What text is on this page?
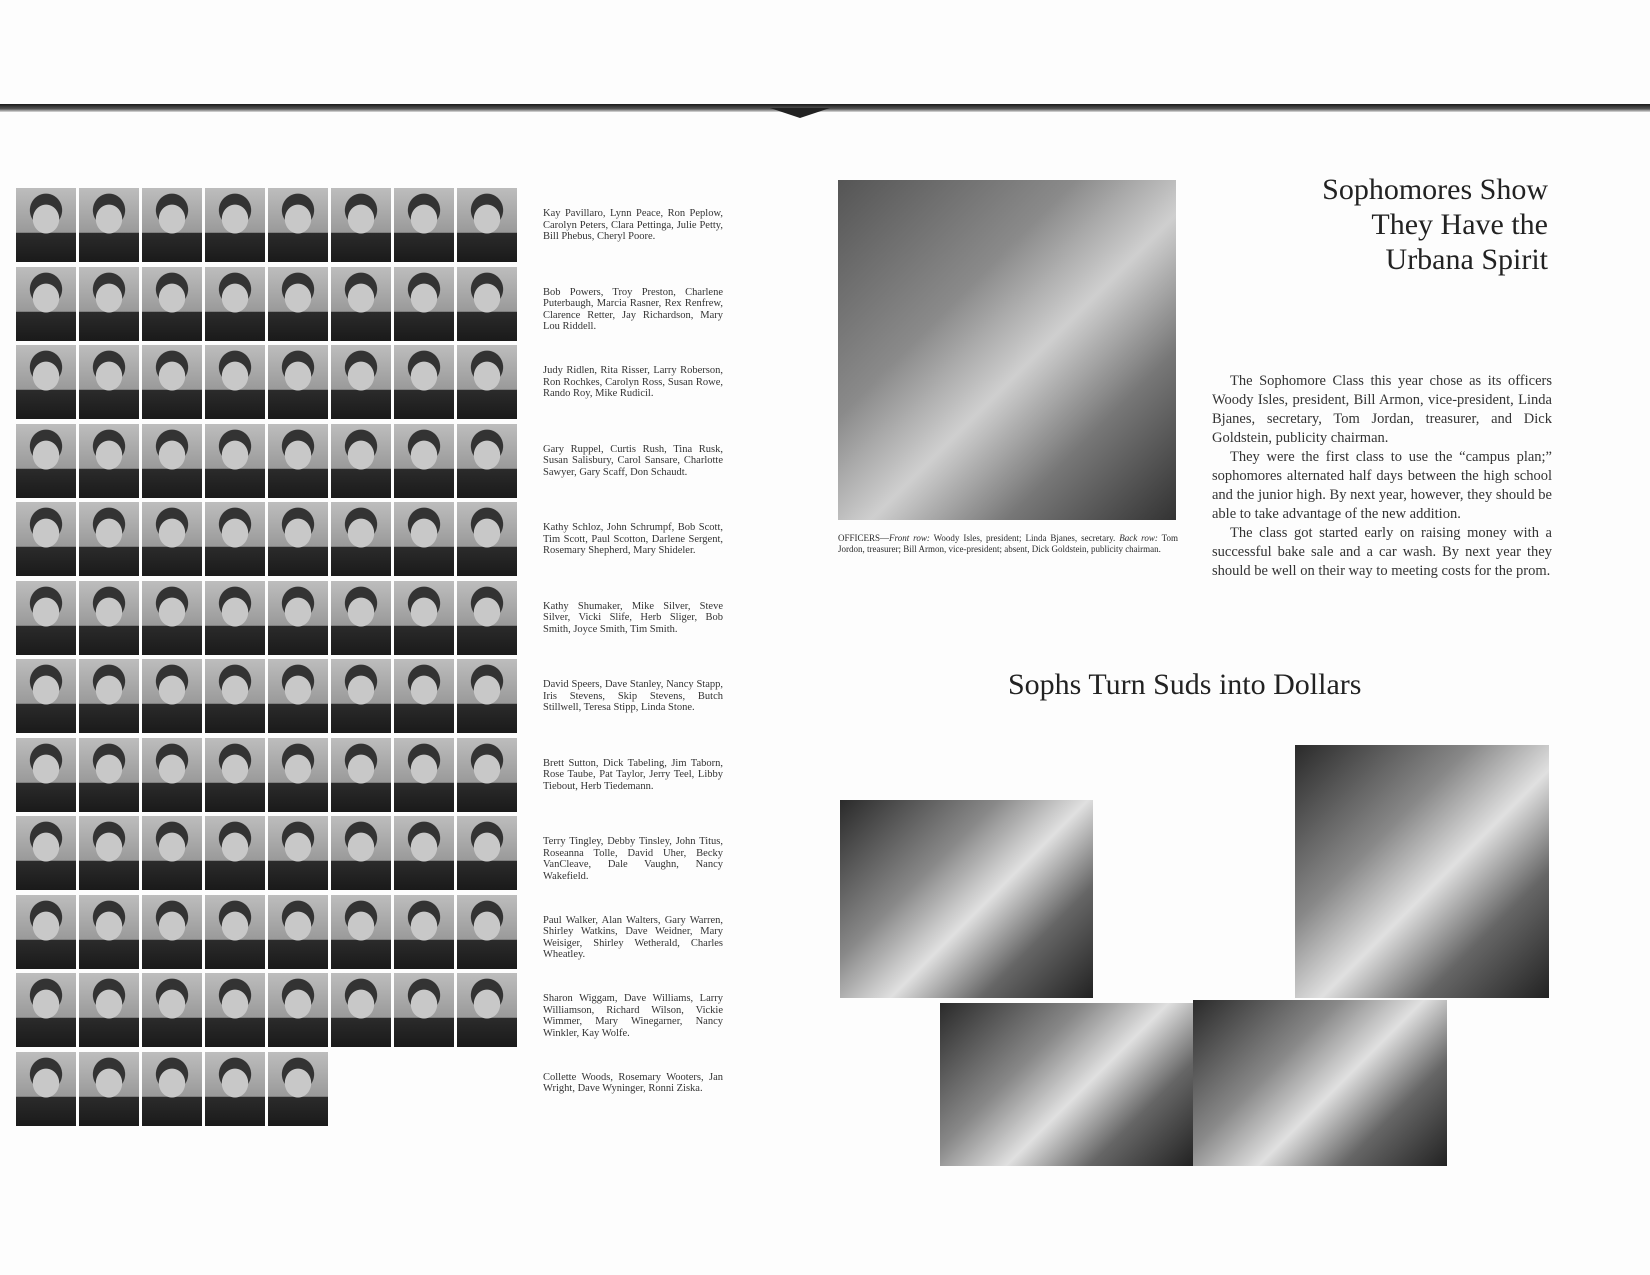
Kay Pavillaro, Lynn Peace, Ron Peplow, Carolyn Peters, Clara Pettinga, Julie Petty, Bill Phebus, Cheryl Poore.
Bob Powers, Troy Preston, Charlene Puterbaugh, Marcia Rasner, Rex Renfrew, Clarence Retter, Jay Richardson, Mary Lou Riddell.
Judy Ridlen, Rita Risser, Larry Roberson, Ron Rochkes, Carolyn Ross, Susan Rowe, Rando Roy, Mike Rudicil.
Gary Ruppel, Curtis Rush, Tina Rusk, Susan Salisbury, Carol Sansare, Charlotte Sawyer, Gary Scaff, Don Schaudt.
Kathy Schloz, John Schrumpf, Bob Scott, Tim Scott, Paul Scotton, Darlene Sergent, Rosemary Shepherd, Mary Shideler.
Kathy Shumaker, Mike Silver, Steve Silver, Vicki Slife, Herb Sliger, Bob Smith, Joyce Smith, Tim Smith.
David Speers, Dave Stanley, Nancy Stapp, Iris Stevens, Skip Stevens, Butch Stillwell, Teresa Stipp, Linda Stone.
Brett Sutton, Dick Tabeling, Jim Taborn, Rose Taube, Pat Taylor, Jerry Teel, Libby Tiebout, Herb Tiedemann.
Terry Tingley, Debby Tinsley, John Titus, Roseanna Tolle, David Uher, Becky VanCleave, Dale Vaughn, Nancy Wakefield.
Paul Walker, Alan Walters, Gary Warren, Shirley Watkins, Dave Weidner, Mary Weisiger, Shirley Wetherald, Charles Wheatley.
Sharon Wiggam, Dave Williams, Larry Williamson, Richard Wilson, Vickie Wimmer, Mary Winegarner, Nancy Winkler, Kay Wolfe.
Collette Woods, Rosemary Wooters, Jan Wright, Dave Wyninger, Ronni Ziska.
OFFICERS—Front row: Woody Isles, president; Linda Bjanes, secretary. Back row: Tom Jordon, treasurer; Bill Armon, vice-president; absent, Dick Goldstein, publicity chairman.
Sophomores Show
They Have the
Urbana Spirit

The Sophomore Class this year chose as its officers Woody Isles, president, Bill Armon, vice-president, Linda Bjanes, secretary, Tom Jordan, treasurer, and Dick Goldstein, publicity chairman.

They were the first class to use the “campus plan;” sophomores alternated half days between the high school and the junior high. By next year, however, they should be able to take advantage of the new addition.

The class got started early on raising money with a successful bake sale and a car wash. By next year they should be well on their way to meeting costs for the prom.

Sophs Turn Suds into Dollars
